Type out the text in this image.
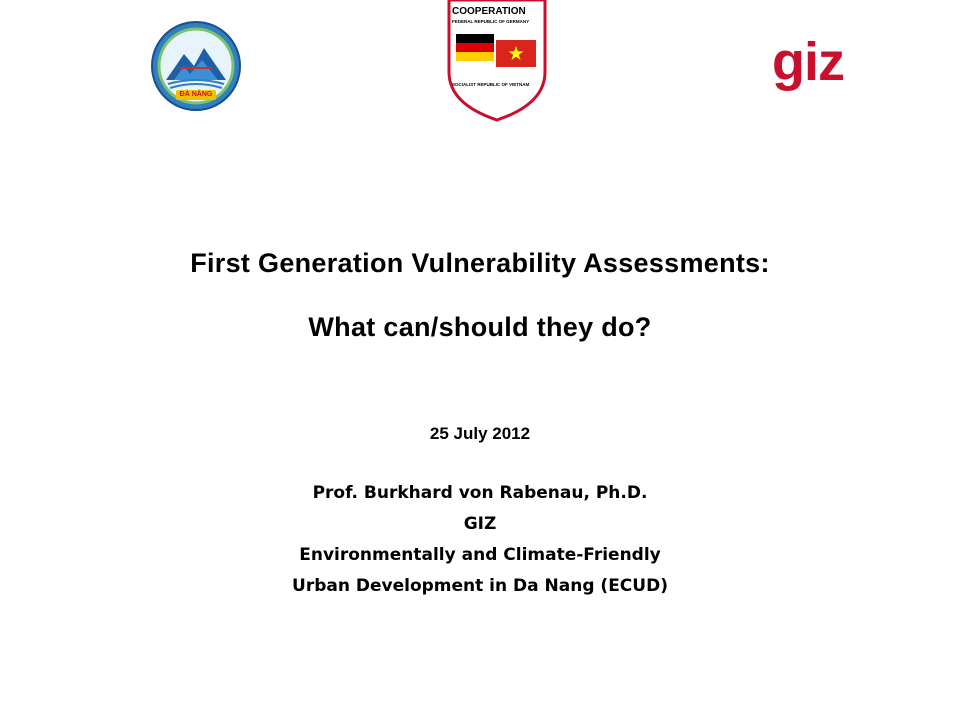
ĐÀ NẴNG
COOPERATION
FEDERAL REPUBLIC OF GERMANY
SOCIALIST REPUBLIC OF VIETNAM	giz
First Generation Vulnerability Assessments:
What can/should they do?
25 July 2012
Prof. Burkhard von Rabenau, Ph.D.
GIZ
Environmentally and Climate-Friendly
Urban Development in Da Nang (ECUD)
